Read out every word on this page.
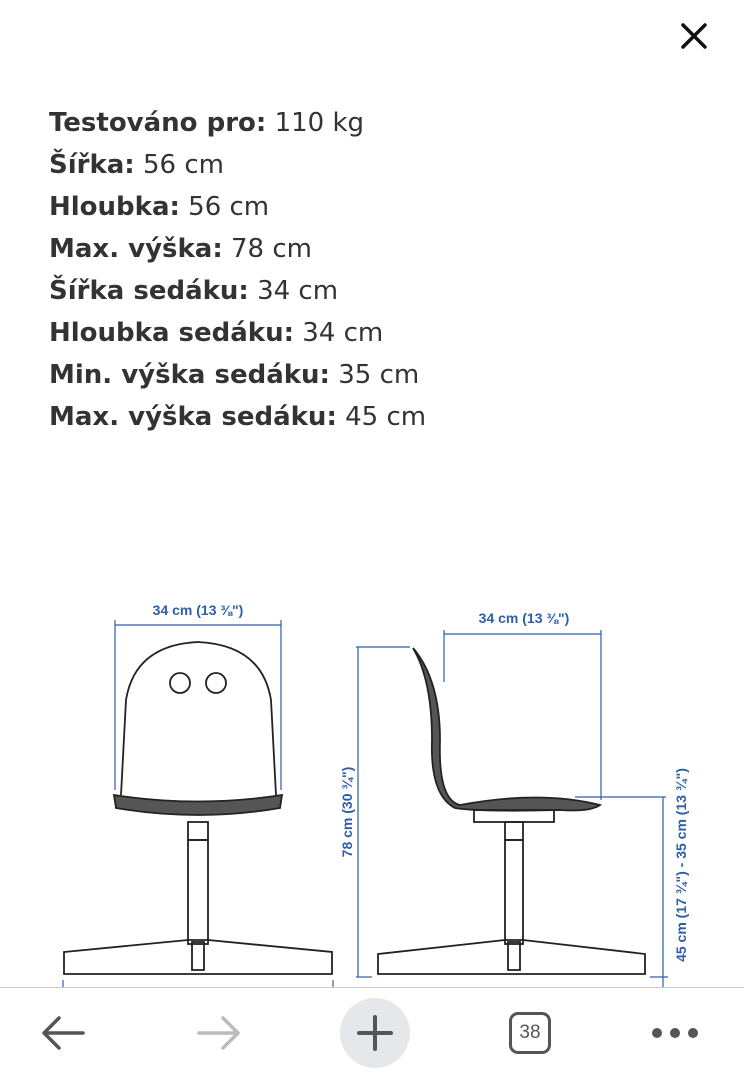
Testováno pro: 110 kg
Šířka: 56 cm
Hloubka: 56 cm
Max. výška: 78 cm
Šířka sedáku: 34 cm
Hloubka sedáku: 34 cm
Min. výška sedáku: 35 cm
Max. výška sedáku: 45 cm
34 cm (13 ⅜")	34 cm (13 ⅜")
78 cm (30 ¾")	45 cm (17 ¾") - 35 cm (13 ¾")
38
